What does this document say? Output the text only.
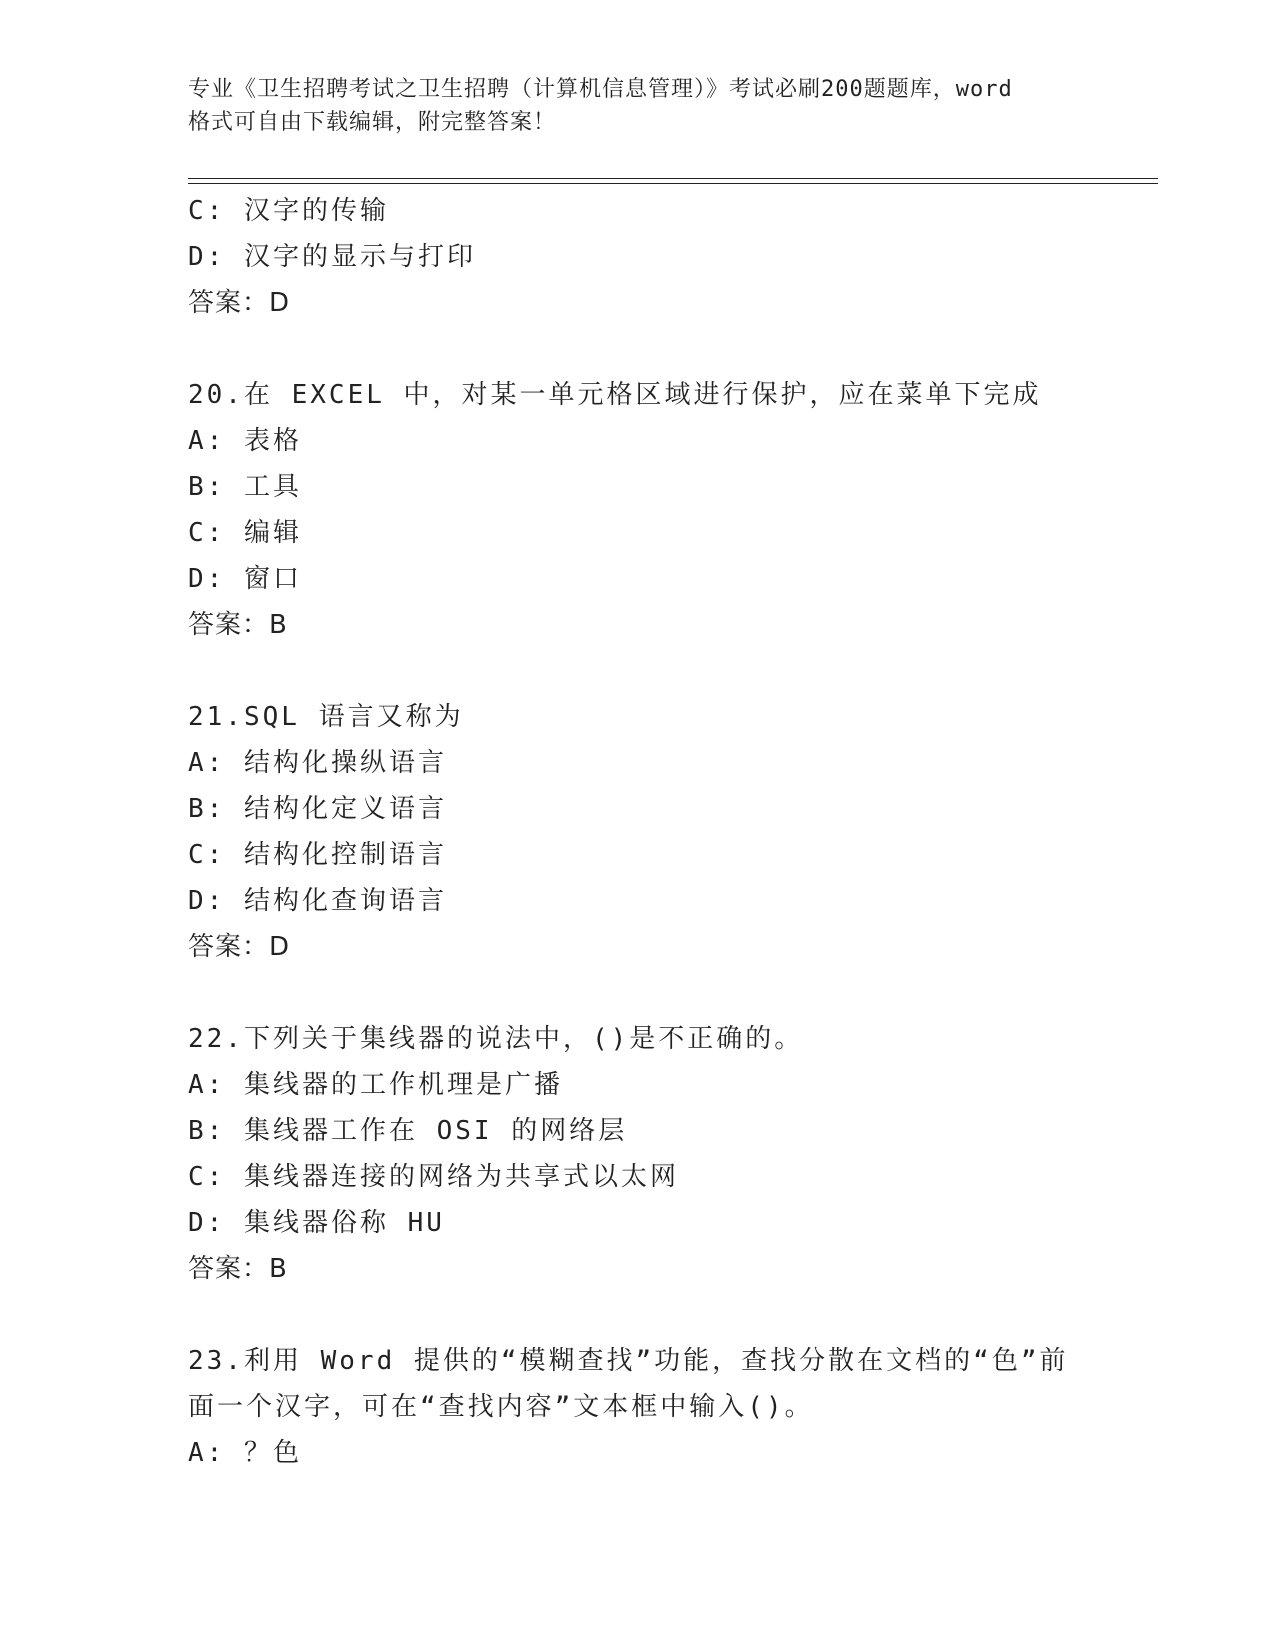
专业《卫生招聘考试之卫生招聘（计算机信息管理）》考试必刷200题题库，word
格式可自由下载编辑，附完整答案！
C: 汉字的传输
D: 汉字的显示与打印
答案：D
20.在 EXCEL 中，对某一单元格区域进行保护，应在菜单下完成
A: 表格
B: 工具
C: 编辑
D: 窗口
答案：B
21.SQL 语言又称为
A: 结构化操纵语言
B: 结构化定义语言
C: 结构化控制语言
D: 结构化查询语言
答案：D
22.下列关于集线器的说法中，()是不正确的。
A: 集线器的工作机理是广播
B: 集线器工作在 OSI 的网络层
C: 集线器连接的网络为共享式以太网
D: 集线器俗称 HU
答案：B
23.利用 Word 提供的“模糊查找”功能，查找分散在文档的“色”前
面一个汉字，可在“查找内容”文本框中输入()。
A: ？色
